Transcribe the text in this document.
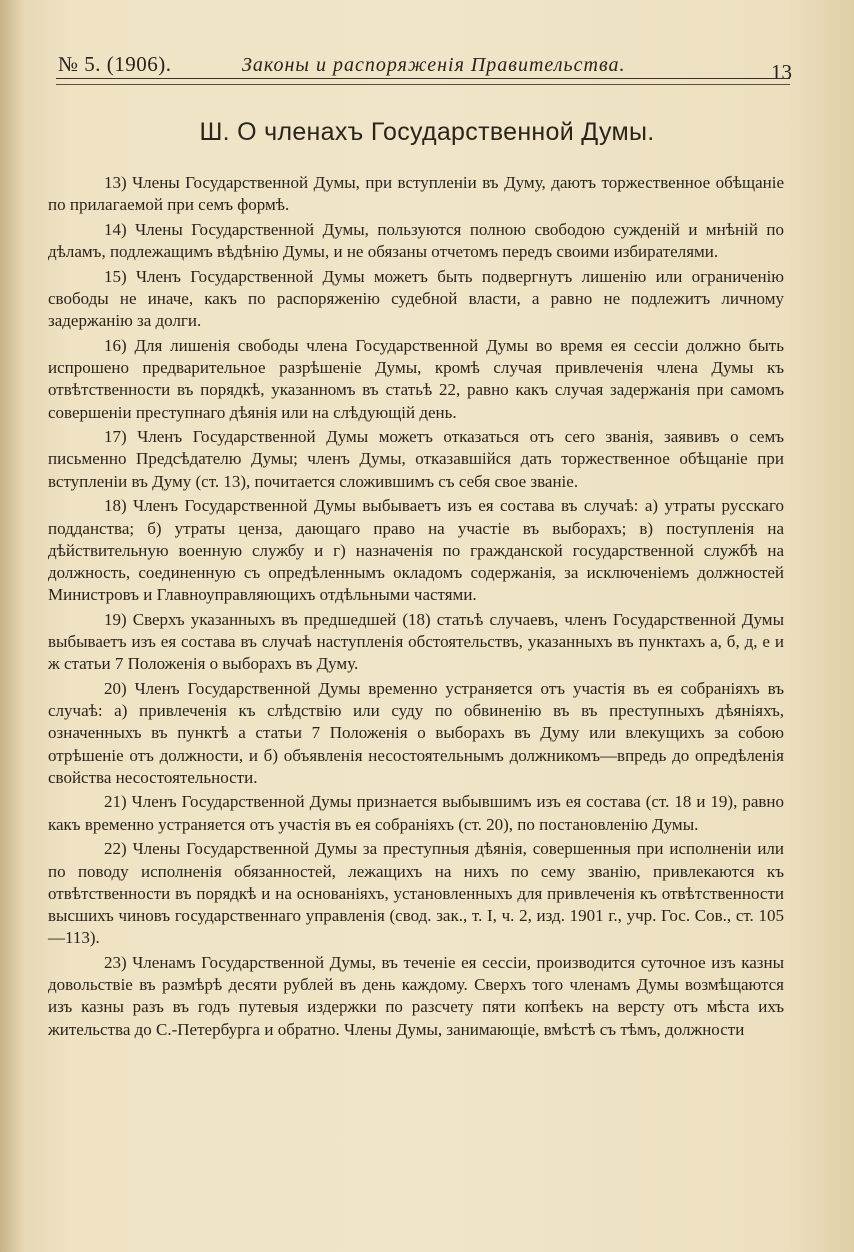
№ 5. (1906).	Законы и распоряженія Правительства.	13
Ш. О членахъ Государственной Думы.

13) Члены Государственной Думы, при вступленіи въ Думу, даютъ торжественное обѣщаніе по прилагаемой при семъ формѣ.

14) Члены Государственной Думы, пользуются полною свободою сужденій и мнѣній по дѣламъ, подлежащимъ вѣдѣнію Думы, и не обязаны отчетомъ передъ своими избирателями.

15) Членъ Государственной Думы можетъ быть подвергнутъ лишенію или ограниченію свободы не иначе, какъ по распоряженію судебной власти, а равно не подлежитъ личному задержанію за долги.

16) Для лишенія свободы члена Государственной Думы во время ея сессіи должно быть испрошено предварительное разрѣшеніе Думы, кромѣ случая привлеченія члена Думы къ отвѣтственности въ порядкѣ, указанномъ въ статьѣ 22, равно какъ случая задержанія при самомъ совершеніи преступнаго дѣянія или на слѣдующій день.

17) Членъ Государственной Думы можетъ отказаться отъ сего званія, заявивъ о семъ письменно Предсѣдателю Думы; членъ Думы, отказавшійся дать торжественное обѣщаніе при вступленіи въ Думу (ст. 13), почитается сложившимъ съ себя свое званіе.

18) Членъ Государственной Думы выбываетъ изъ ея состава въ случаѣ: а) утраты русскаго подданства; б) утраты ценза, дающаго право на участіе въ выборахъ; в) поступленія на дѣйствительную военную службу и г) назначенія по гражданской государственной службѣ на должность, соединенную съ опредѣленнымъ окладомъ содержанія, за исключеніемъ должностей Министровъ и Главноуправляющихъ отдѣльными частями.

19) Сверхъ указанныхъ въ предшедшей (18) статьѣ случаевъ, членъ Государственной Думы выбываетъ изъ ея состава въ случаѣ наступленія обстоятельствъ, указанныхъ въ пунктахъ а, б, д, е и ж статьи 7 Положенія о выборахъ въ Думу.

20) Членъ Государственной Думы временно устраняется отъ участія въ ея собраніяхъ въ случаѣ: а) привлеченія къ слѣдствію или суду по обвиненію въ въ преступныхъ дѣяніяхъ, означенныхъ въ пунктѣ а статьи 7 Положенія о выборахъ въ Думу или влекущихъ за собою отрѣшеніе отъ должности, и б) объявленія несостоятельнымъ должникомъ—впредь до опредѣленія свойства несостоятельности.

21) Членъ Государственной Думы признается выбывшимъ изъ ея состава (ст. 18 и 19), равно какъ временно устраняется отъ участія въ ея собраніяхъ (ст. 20), по постановленію Думы.

22) Члены Государственной Думы за преступныя дѣянія, совершенныя при исполненіи или по поводу исполненія обязанностей, лежащихъ на нихъ по сему званію, привлекаются къ отвѣтственности въ порядкѣ и на основаніяхъ, установленныхъ для привлеченія къ отвѣтственности высшихъ чиновъ государственнаго управленія (свод. зак., т. I, ч. 2, изд. 1901 г., учр. Гос. Сов., ст. 105—113).

23) Членамъ Государственной Думы, въ теченіе ея сессіи, производится суточное изъ казны довольствіе въ размѣрѣ десяти рублей въ день каждому. Сверхъ того членамъ Думы возмѣщаются изъ казны разъ въ годъ путевыя издержки по разсчету пяти копѣекъ на версту отъ мѣста ихъ жительства до С.-Петербурга и обратно. Члены Думы, занимающіе, вмѣстѣ съ тѣмъ, должности
